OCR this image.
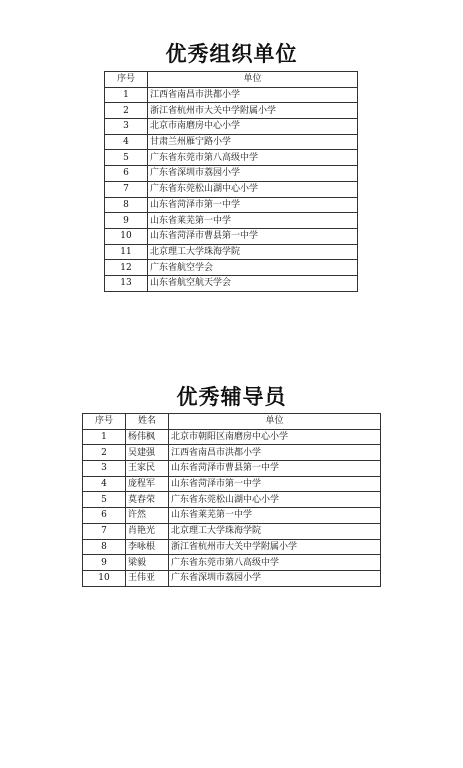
优秀组织单位
序号	单位
1	江西省南昌市洪都小学
2	浙江省杭州市大关中学附属小学
3	北京市南磨房中心小学
4	甘肃兰州雁宁路小学
5	广东省东莞市第八高级中学
6	广东省深圳市荔园小学
7	广东省东莞松山湖中心小学
8	山东省菏泽市第一中学
9	山东省莱芜第一中学
10	山东省菏泽市曹县第一中学
11	北京理工大学珠海学院
12	广东省航空学会
13	山东省航空航天学会
优秀辅导员
序号	姓名	单位
1	杨伟枫	北京市朝阳区南磨房中心小学
2	吴建强	江西省南昌市洪都小学
3	王家民	山东省菏泽市曹县第一中学
4	庞程军	山东省菏泽市第一中学
5	莫春荣	广东省东莞松山湖中心小学
6	许然	山东省莱芜第一中学
7	肖艳光	北京理工大学珠海学院
8	李咏根	浙江省杭州市大关中学附属小学
9	梁毅	广东省东莞市第八高级中学
10	王伟亚	广东省深圳市荔园小学
